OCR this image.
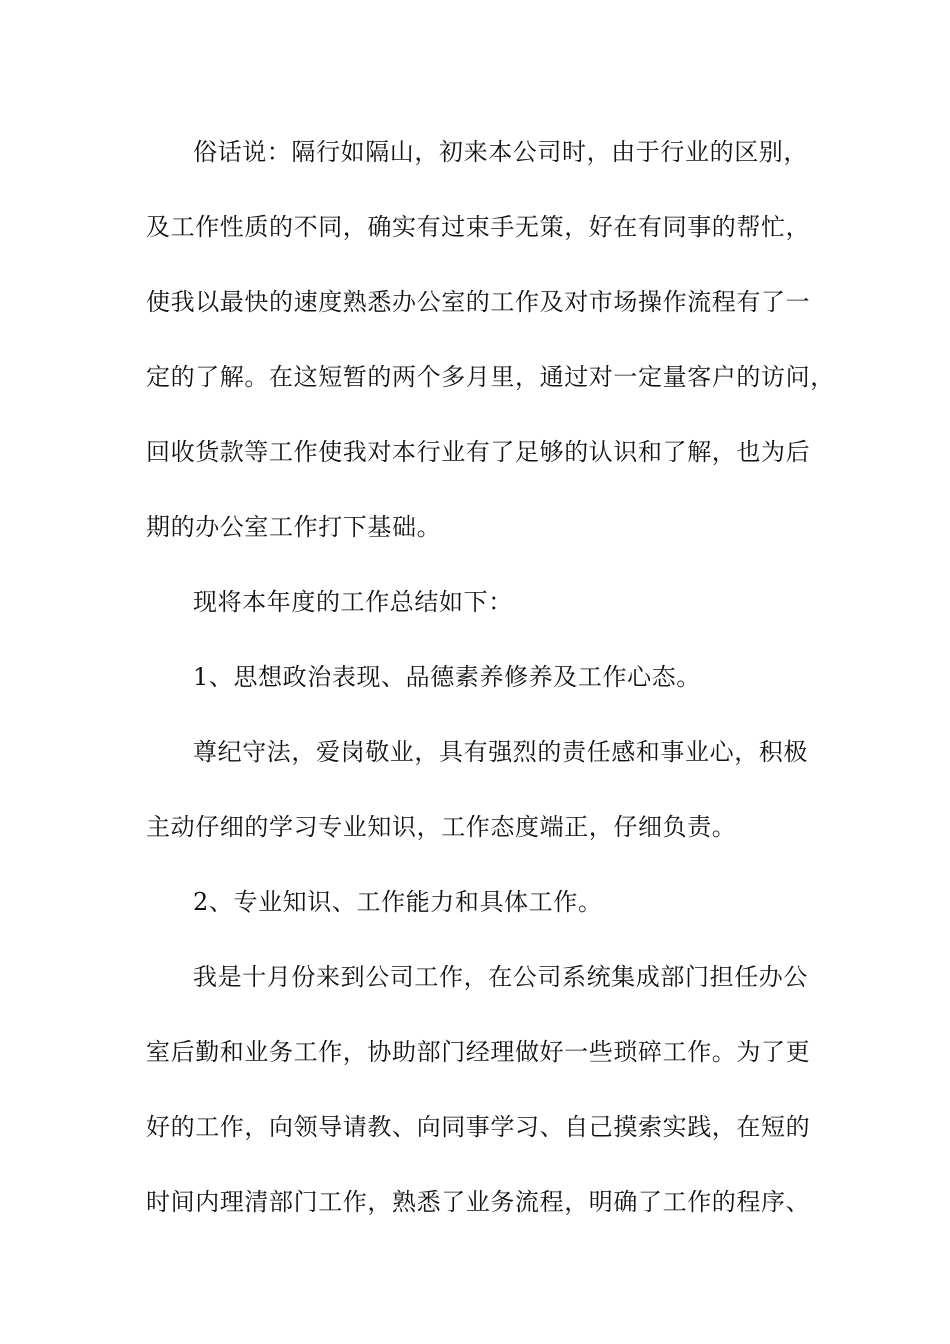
俗话说：隔行如隔山，初来本公司时，由于行业的区别，
及工作性质的不同，确实有过束手无策，好在有同事的帮忙，
使我以最快的速度熟悉办公室的工作及对市场操作流程有了一
定的了解。在这短暂的两个多月里，通过对一定量客户的访问，
回收货款等工作使我对本行业有了足够的认识和了解，也为后
期的办公室工作打下基础。
现将本年度的工作总结如下：
1、思想政治表现、品德素养修养及工作心态。
尊纪守法，爱岗敬业，具有强烈的责任感和事业心，积极
主动仔细的学习专业知识，工作态度端正，仔细负责。
2、专业知识、工作能力和具体工作。
我是十月份来到公司工作，在公司系统集成部门担任办公
室后勤和业务工作，协助部门经理做好一些琐碎工作。为了更
好的工作，向领导请教、向同事学习、自己摸索实践，在短的
时间内理清部门工作，熟悉了业务流程，明确了工作的程序、
